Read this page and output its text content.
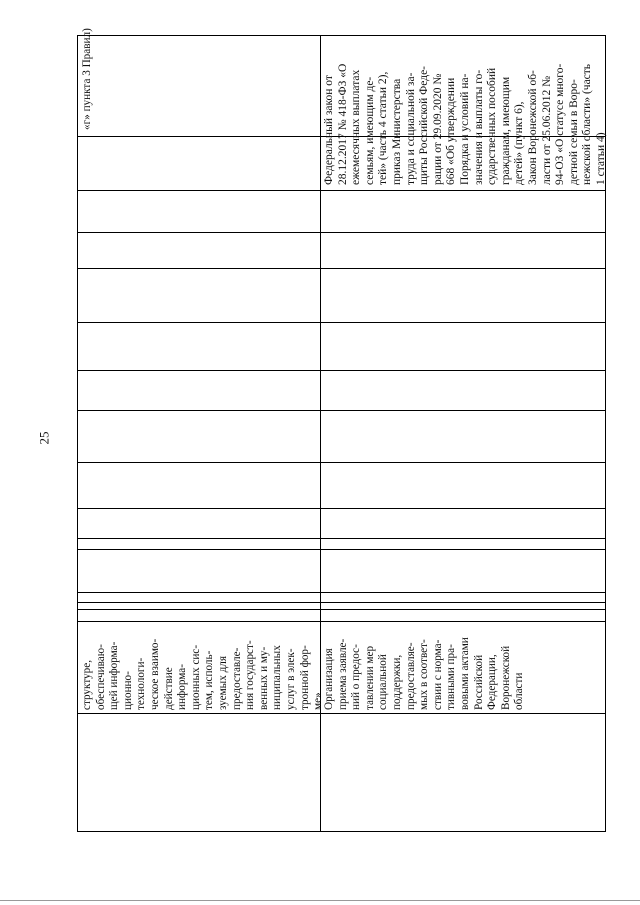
25
структуре,
обеспечиваю-
щей информа-
ционно-
технологи-
ческое взаимо-
действие
информа-
ционных сис-
тем, исполь-
зуемых для
предоставле-
ния государст-
венных и му-
ниципальных
услуг в элек-
тронной фор-
ме»
Организация
приема заявле-
ний о предос-
тавлении мер
социальной
поддержки,
предоставляе-
мых в соответ-
ствии с норма-
тивными пра-
вовыми актами
Российской
Федерации,
Воронежской
области
«г» пункта 3 Правил)
Федеральный закон от
28.12.2017 № 418-ФЗ «О
ежемесячных выплатах
семьям, имеющим де-
тей» (часть 4 статьи 2),
приказ Министерства
труда и социальной за-
щиты Российской Феде-
рации от 29.09.2020 №
668 «Об утверждении
Порядка и условий на-
значения и выплаты го-
сударственных пособий
гражданам, имеющим
детей» (пункт 6),
Закон Воронежской об-
ласти от 25.06.2012 №
94-ОЗ «О статусе много-
детной семьи в Воро-
нежской области» (часть
1 статьи 4)
